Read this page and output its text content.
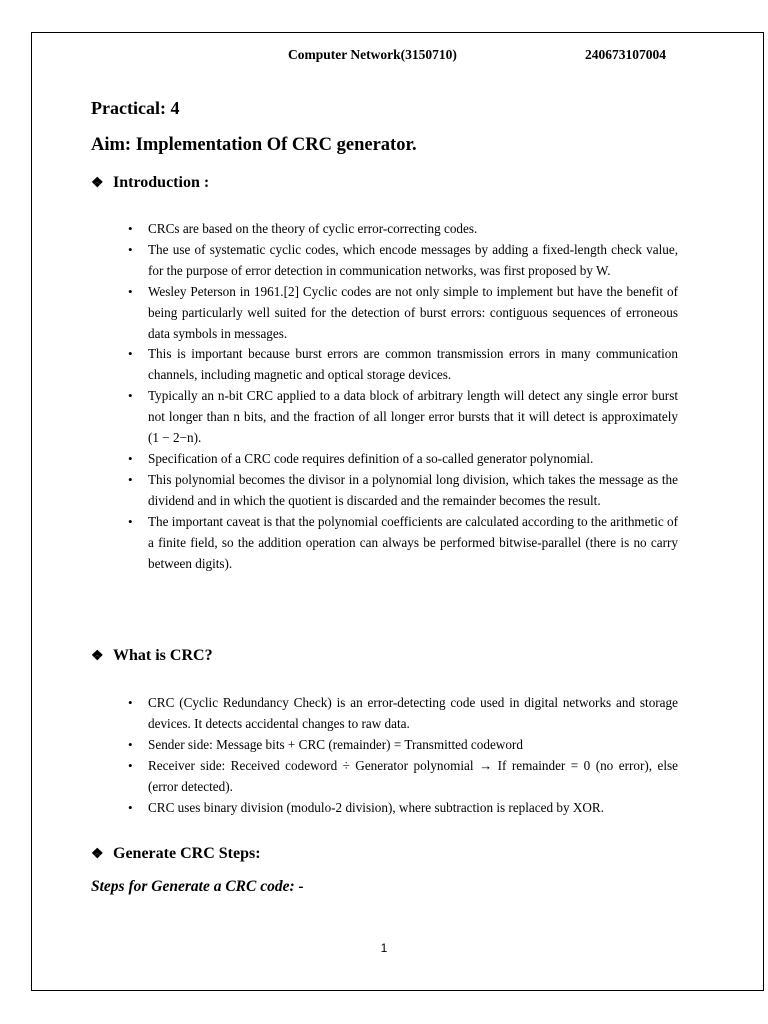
Computer Network(3150710)	240673107004
Practical: 4
Aim: Implementation Of CRC generator.
❖ Introduction :
• CRCs are based on the theory of cyclic error-correcting codes.
• The use of systematic cyclic codes, which encode messages by adding a fixed-length check value, for the purpose of error detection in communication networks, was first proposed by W.
• Wesley Peterson in 1961.[2] Cyclic codes are not only simple to implement but have the benefit of being particularly well suited for the detection of burst errors: contiguous sequences of erroneous data symbols in messages.
• This is important because burst errors are common transmission errors in many communication channels, including magnetic and optical storage devices.
• Typically an n-bit CRC applied to a data block of arbitrary length will detect any single error burst not longer than n bits, and the fraction of all longer error bursts that it will detect is approximately (1 − 2−n).
• Specification of a CRC code requires definition of a so-called generator polynomial.
• This polynomial becomes the divisor in a polynomial long division, which takes the message as the dividend and in which the quotient is discarded and the remainder becomes the result.
• The important caveat is that the polynomial coefficients are calculated according to the arithmetic of a finite field, so the addition operation can always be performed bitwise-parallel (there is no carry between digits).
❖ What is CRC?
• CRC (Cyclic Redundancy Check) is an error-detecting code used in digital networks and storage devices. It detects accidental changes to raw data.
• Sender side: Message bits + CRC (remainder) = Transmitted codeword
• Receiver side: Received codeword ÷ Generator polynomial → If remainder = 0 (no error), else (error detected).
• CRC uses binary division (modulo-2 division), where subtraction is replaced by XOR.
❖ Generate CRC Steps:
Steps for Generate a CRC code: -
1
